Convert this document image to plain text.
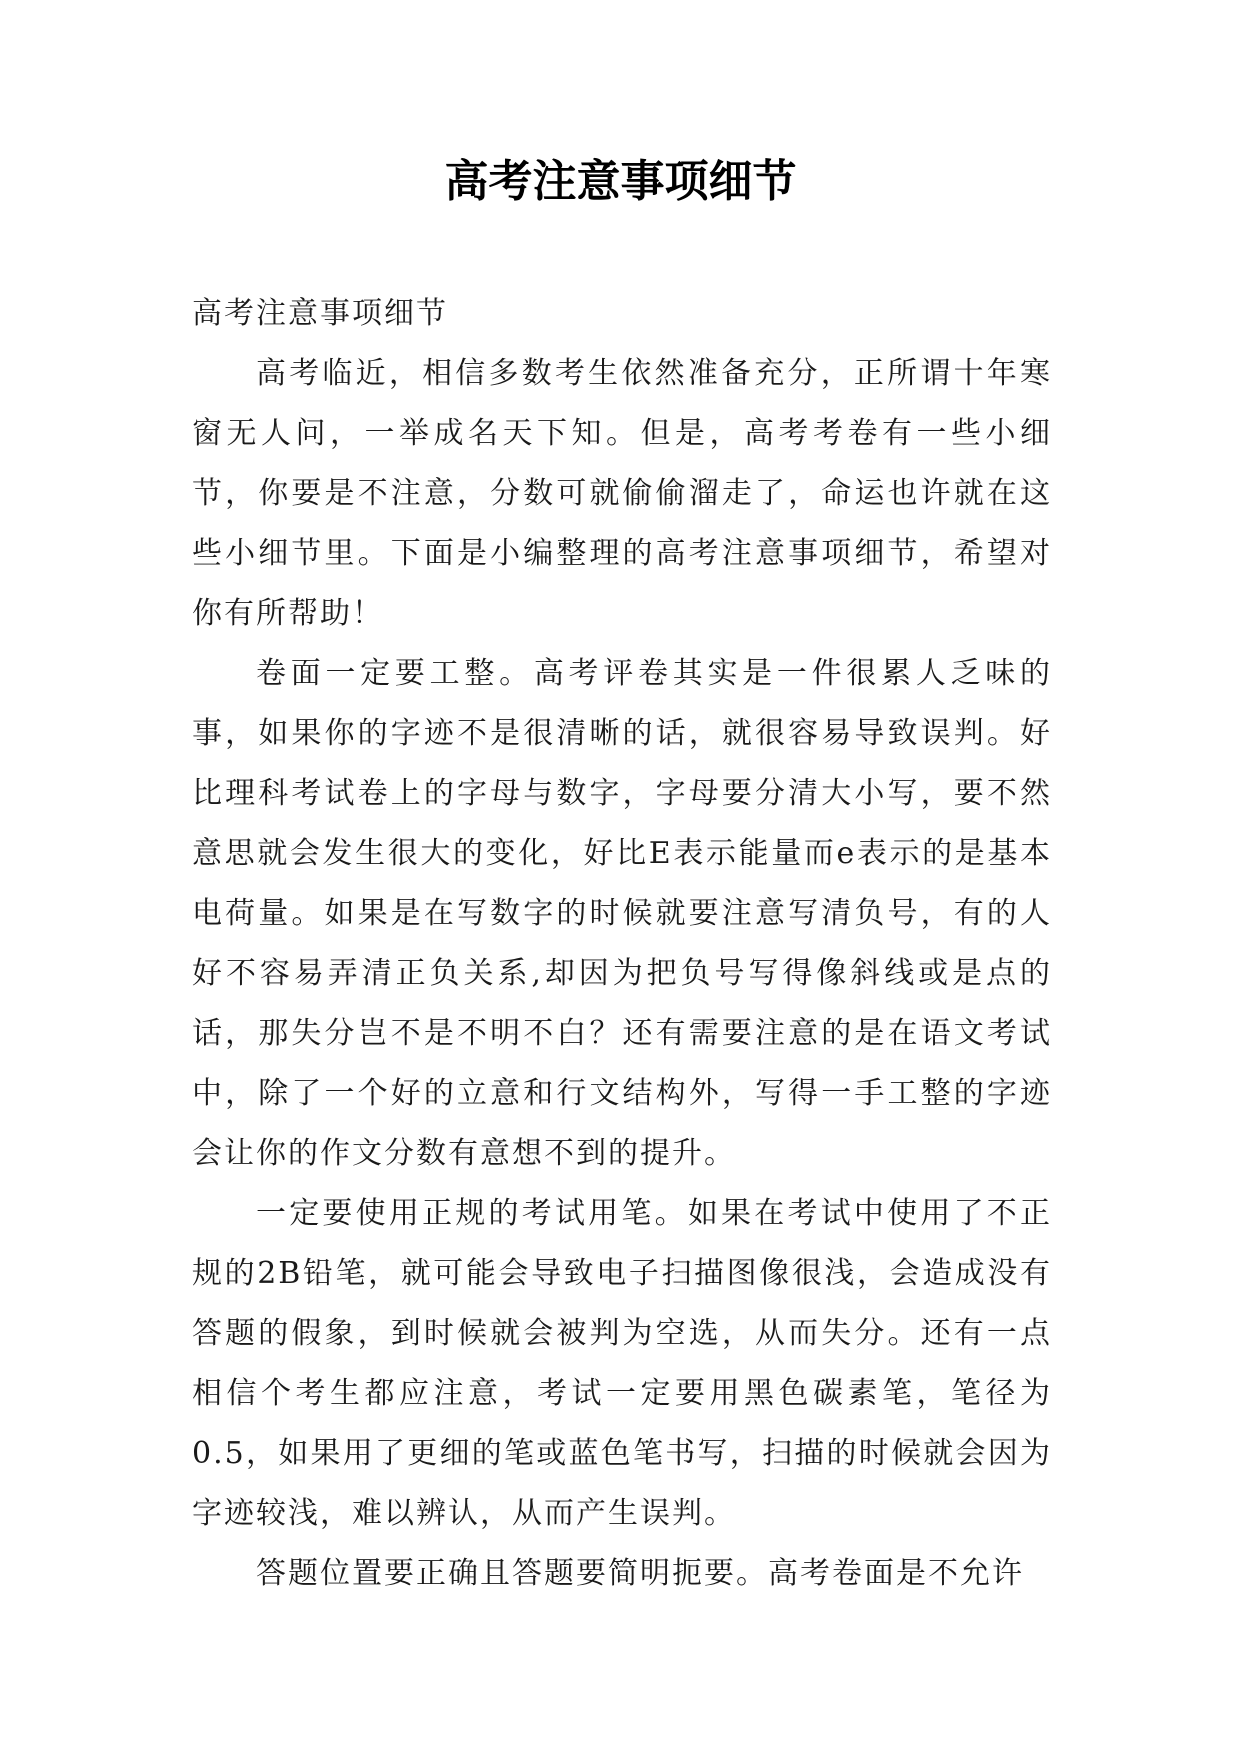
高考注意事项细节

高考注意事项细节

高考临近，相信多数考生依然准备充分，正所谓十年寒窗无人问，一举成名天下知。但是，高考考卷有一些小细节，你要是不注意，分数可就偷偷溜走了，命运也许就在这些小细节里。下面是小编整理的高考注意事项细节，希望对你有所帮助！

卷面一定要工整。高考评卷其实是一件很累人乏味的事，如果你的字迹不是很清晰的话，就很容易导致误判。好比理科考试卷上的字母与数字，字母要分清大小写，要不然意思就会发生很大的变化，好比E表示能量而e表示的是基本电荷量。如果是在写数字的时候就要注意写清负号，有的人好不容易弄清正负关系,却因为把负号写得像斜线或是点的话，那失分岂不是不明不白？还有需要注意的是在语文考试中，除了一个好的立意和行文结构外，写得一手工整的字迹会让你的作文分数有意想不到的提升。

一定要使用正规的考试用笔。如果在考试中使用了不正规的2B铅笔，就可能会导致电子扫描图像很浅，会造成没有答题的假象，到时候就会被判为空选，从而失分。还有一点相信个考生都应注意，考试一定要用黑色碳素笔，笔径为0.5，如果用了更细的笔或蓝色笔书写，扫描的时候就会因为字迹较浅，难以辨认，从而产生误判。

答题位置要正确且答题要简明扼要。高考卷面是不允许
